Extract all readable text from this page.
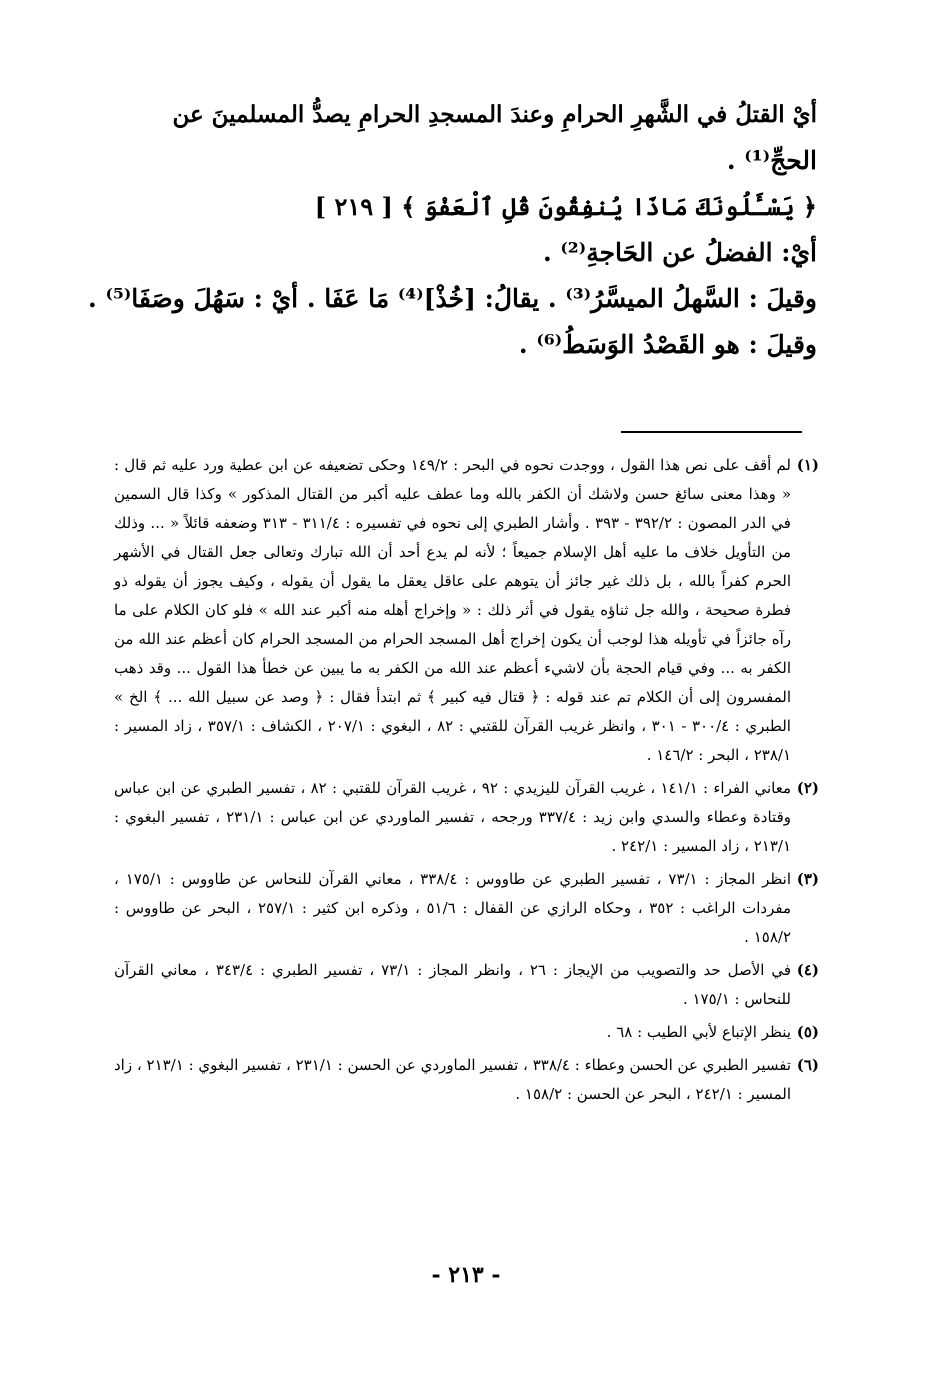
أيْ القتلُ في الشَّهرِ الحرامِ وعندَ المسجدِ الحرامِ يصدُّ المسلمينَ عن
الحجِّ⁽¹⁾ .
﴿ يَسْـَٔلُونَكَ مَاذَا يُنفِقُونَ قُلِ ٱلْعَفْوَ ﴾ [ ٢١٩ ]
أيْ: الفضلُ عن الحَاجةِ⁽²⁾ .
وقيلَ : السَّهلُ الميسَّرُ⁽³⁾ . يقالُ: [خُذْ]⁽⁴⁾ مَا عَفَا . أيْ : سَهُلَ وصَفَا⁽⁵⁾ .
وقيلَ : هو القَصْدُ الوَسَطُ⁽⁶⁾ .
(١)
لم أقف على نص هذا القول ، ووجدت نحوه في البحر : ١٤٩/٢ وحكى تضعيفه عن ابن عطية ورد عليه ثم قال : « وهذا معنى سائغ حسن ولاشك أن الكفر بالله وما عطف عليه أكبر من القتال المذكور » وكذا قال السمين في الدر المصون : ٣٩٢/٢ - ٣٩٣ . وأشار الطبري إلى نحوه في تفسيره : ٣١١/٤ - ٣١٣ وضعفه قائلاً « ... وذلك من التأويل خلاف ما عليه أهل الإسلام جميعاً ؛ لأنه لم يدع أحد أن الله تبارك وتعالى جعل القتال في الأشهر الحرم كفراً بالله ، بل ذلك غير جائز أن يتوهم على عاقل يعقل ما يقول أن يقوله ، وكيف يجوز أن يقوله ذو فطرة صحيحة ، والله جل ثناؤه يقول في أثر ذلك : « وإخراج أهله منه أكبر عند الله » فلو كان الكلام على ما رآه جائزاً في تأويله هذا لوجب أن يكون إخراج أهل المسجد الحرام من المسجد الحرام كان أعظم عند الله من الكفر به ... وفي قيام الحجة بأن لاشيء أعظم عند الله من الكفر به ما يبين عن خطأ هذا القول ... وقد ذهب المفسرون إلى أن الكلام تم عند قوله : ﴿ قتال فيه كبير ﴾ ثم ابتدأ فقال : ﴿ وصد عن سبيل الله ... ﴾ الخ » الطبري : ٣٠٠/٤ - ٣٠١ ، وانظر غريب القرآن للقتبي : ٨٢ ، البغوي : ٢٠٧/١ ، الكشاف : ٣٥٧/١ ، زاد المسير : ٢٣٨/١ ، البحر : ١٤٦/٢ .
(٢)
معاني الفراء : ١٤١/١ ، غريب القرآن لليزيدي : ٩٢ ، غريب القرآن للقتبي : ٨٢ ، تفسير الطبري عن ابن عباس وقتادة وعطاء والسدي وابن زيد : ٣٣٧/٤ ورجحه ، تفسير الماوردي عن ابن عباس : ٢٣١/١ ، تفسير البغوي : ٢١٣/١ ، زاد المسير : ٢٤٢/١ .
(٣)
انظر المجاز : ٧٣/١ ، تفسير الطبري عن طاووس : ٣٣٨/٤ ، معاني القرآن للنحاس عن طاووس : ١٧٥/١ ، مفردات الراغب : ٣٥٢ ، وحكاه الرازي عن القفال : ٥١/٦ ، وذكره ابن كثير : ٢٥٧/١ ، البحر عن طاووس : ١٥٨/٢ .
(٤)
في الأصل حد والتصويب من الإيجاز : ٢٦ ، وانظر المجاز : ٧٣/١ ، تفسير الطبري : ٣٤٣/٤ ، معاني القرآن للنحاس : ١٧٥/١ .
(٥)
ينظر الإتباع لأبي الطيب : ٦٨ .
(٦)
تفسير الطبري عن الحسن وعطاء : ٣٣٨/٤ ، تفسير الماوردي عن الحسن : ٢٣١/١ ، تفسير البغوي : ٢١٣/١ ، زاد المسير : ٢٤٢/١ ، البحر عن الحسن : ١٥٨/٢ .
- ٢١٣ -
